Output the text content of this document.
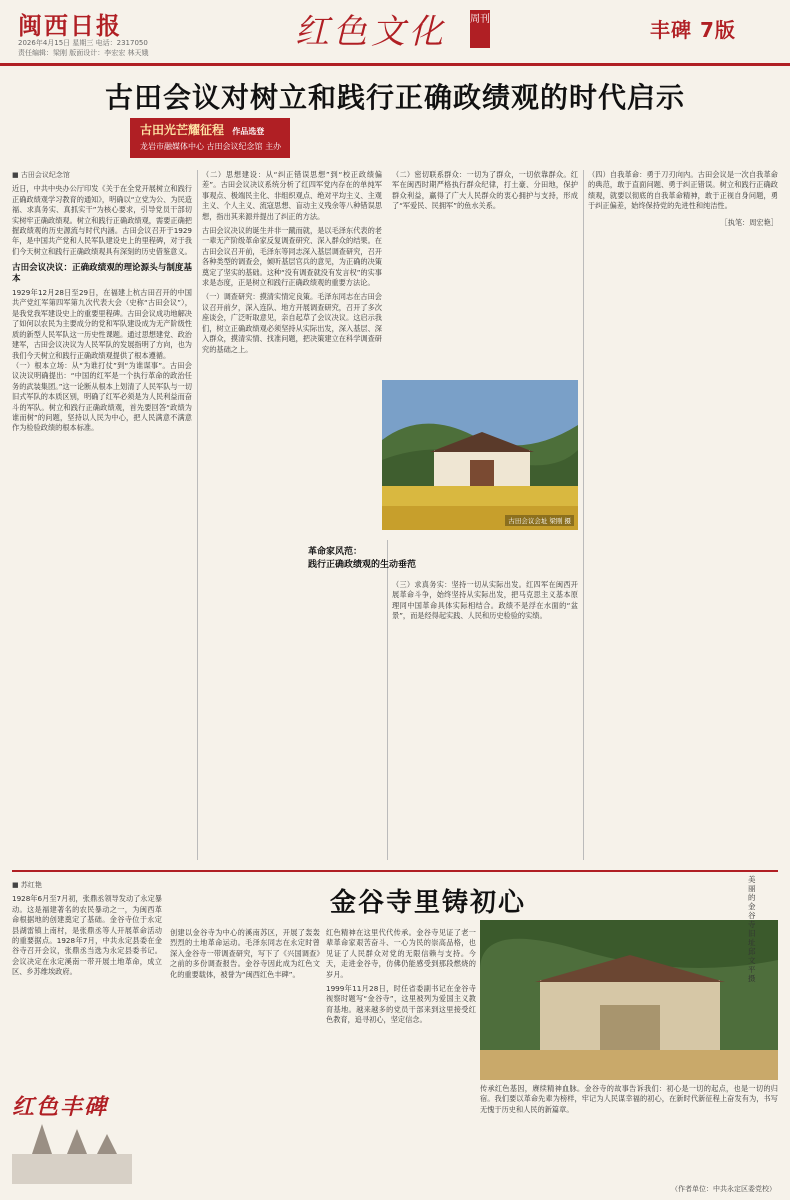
闽西日报
2026年4月15日 星期三 电话：2317050
责任编辑：梁刚 版面设计：李宏宏 林天娥
红色文化 周刊	丰碑 7版
古田会议对树立和践行正确政绩观的时代启示
古田光芒耀征程 作品选登
龙岩市融媒体中心 古田会议纪念馆 主办
■ 古田会议纪念馆

近日，中共中央办公厅印发《关于在全党开展树立和践行正确政绩观学习教育的通知》，明确以“立党为公、为民造福、求真务实、真抓实干”为核心要求，引导党员干部切实树牢正确政绩观。树立和践行正确政绩观，需要正确把握政绩观的历史源流与时代内涵。古田会议召开于1929年，是中国共产党和人民军队建设史上的里程碑，对于我们今天树立和践行正确政绩观具有深刻的历史借鉴意义。

古田会议决议：正确政绩观的理论源头与制度基本

1929年12月28日至29日，在福建上杭古田召开的中国共产党红军第四军第九次代表大会（史称“古田会议”），是我党我军建设史上的重要里程碑。古田会议成功地解决了如何以农民为主要成分的党和军队建设成为无产阶级性质的新型人民军队这一历史性课题。通过思想建党、政治建军，古田会议决议为人民军队的发展指明了方向，也为我们今天树立和践行正确政绩观提供了根本遵循。

（一）根本立场：从“为谁打仗”到“为谁谋事”。古田会议决议明确提出：“中国的红军是一个执行革命的政治任务的武装集团。”这一论断从根本上划清了人民军队与一切旧式军队的本质区别，明确了红军必须是为人民利益而奋斗的军队。树立和践行正确政绩观，首先要回答“政绩为谁而树”的问题，坚持以人民为中心，把人民满意不满意作为检验政绩的根本标准。

（二）思想建设：从“纠正错误思想”到“校正政绩偏差”。古田会议决议系统分析了红四军党内存在的单纯军事观点、极端民主化、非组织观点、绝对平均主义、主观主义、个人主义、流寇思想、盲动主义残余等八种错误思想，指出其来源并提出了纠正的方法。

古田会议决议的诞生并非一蹴而就，是以毛泽东代表的老一辈无产阶级革命家反复调查研究、深入群众的结果。在古田会议召开前，毛泽东等同志深入基层调查研究，召开各种类型的调查会，倾听基层官兵的意见，为正确的决策奠定了坚实的基础。这种“没有调查就没有发言权”的实事求是态度，正是树立和践行正确政绩观的重要方法论。

（一）调查研究：摸清实情定良策。毛泽东同志在古田会议召开前夕，深入连队、地方开展调查研究，召开了多次座谈会，广泛听取意见，亲自起草了会议决议。这启示我们，树立正确政绩观必须坚持从实际出发，深入基层、深入群众，摸清实情、找准问题，把决策建立在科学调查研究的基础之上。

（二）密切联系群众：一切为了群众，一切依靠群众。红军在闽西时期严格执行群众纪律，打土豪、分田地，保护群众利益，赢得了广大人民群众的衷心拥护与支持，形成了“军爱民、民拥军”的鱼水关系。

古田会议会址 梁刚 摄
革命家风范：
践行正确政绩观的生动垂范

（三）求真务实：坚持一切从实际出发。红四军在闽西开展革命斗争，始终坚持从实际出发，把马克思主义基本原理同中国革命具体实际相结合。政绩不是浮在水面的“盆景”，而是经得起实践、人民和历史检验的实绩。

（四）自我革命：勇于刀刃向内。古田会议是一次自我革命的典范，敢于直面问题、勇于纠正错误。树立和践行正确政绩观，就要以彻底的自我革命精神，敢于正视自身问题，勇于纠正偏差，始终保持党的先进性和纯洁性。

［执笔：周宏艳］

■ 苏红艳

1928年6月至7月初，张鼎丞领导发动了永定暴动。这是福建著名的农民暴动之一，为闽西革命根据地的创建奠定了基础。金谷寺位于永定县湖雷镇上南村，是张鼎丞等人开展革命活动的重要据点。1928年7月，中共永定县委在金谷寺召开会议，张鼎丞当选为永定县委书记。会议决定在永定溪南一带开展土地革命，成立区、乡苏维埃政府。

金谷寺里铸初心

创建以金谷寺为中心的溪南苏区，开展了轰轰烈烈的土地革命运动。毛泽东同志在永定时曾深入金谷寺一带调查研究，写下了《兴国调查》之前的多份调查报告。金谷寺因此成为红色文化的重要载体，被誉为“闽西红色丰碑”。

红色精神在这里代代传承。金谷寺见证了老一辈革命家艰苦奋斗、一心为民的崇高品格，也见证了人民群众对党的无限信赖与支持。今天，走进金谷寺，仿佛仍能感受到那段燃烧的岁月。

1999年11月28日，时任省委副书记在金谷寺视察时题写“金谷寺”，这里被列为爱国主义教育基地。越来越多的党员干部来到这里接受红色教育，追寻初心，坚定信念。

美丽的金谷寺旧址 邱文平 摄

传承红色基因，赓续精神血脉。金谷寺的故事告诉我们：初心是一切的起点，也是一切的归宿。我们要以革命先辈为榜样，牢记为人民谋幸福的初心，在新时代新征程上奋发有为，书写无愧于历史和人民的新篇章。

红色丰碑
（作者单位：中共永定区委党校）
